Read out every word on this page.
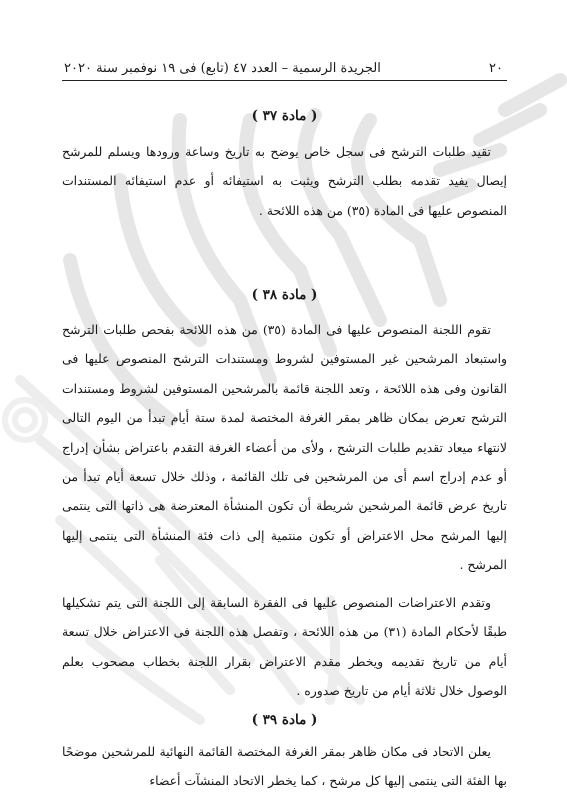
٢٠
الجريدة الرسمية – العدد ٤٧ (تابع) فى ١٩ نوفمبر سنة ٢٠٢٠
( مادة ٣٧ )

تقيد طلبات الترشح فى سجل خاص يوضح به تاريخ وساعة ورودها ويسلم للمرشح إيصال يفيد تقدمه بطلب الترشح ويثبت به استيفائه أو عدم استيفائه المستندات المنصوص عليها فى المادة (٣٥) من هذه اللائحة .

( مادة ٣٨ )

تقوم اللجنة المنصوص عليها فى المادة (٣٥) من هذه اللائحة بفحص طلبات الترشح واستبعاد المرشحين غير المستوفين لشروط ومستندات الترشح المنصوص عليها فى القانون وفى هذه اللائحة ، وتعد اللجنة قائمة بالمرشحين المستوفين لشروط ومستندات الترشح تعرض بمكان ظاهر بمقر الغرفة المختصة لمدة ستة أيام تبدأ من اليوم التالى لانتهاء ميعاد تقديم طلبات الترشح ، ولأى من أعضاء الغرفة التقدم باعتراض بشأن إدراج أو عدم إدراج اسم أى من المرشحين فى تلك القائمة ، وذلك خلال تسعة أيام تبدأ من تاريخ عرض قائمة المرشحين شريطة أن تكون المنشأة المعترضة هى ذاتها التى ينتمى إليها المرشح محل الاعتراض أو تكون منتمية إلى ذات فئة المنشأة التى ينتمى إليها المرشح .

وتقدم الاعتراضات المنصوص عليها فى الفقرة السابقة إلى اللجنة التى يتم تشكيلها طبقًا لأحكام المادة (٣١) من هذه اللائحة ، وتفصل هذه اللجنة فى الاعتراض خلال تسعة أيام من تاريخ تقديمه ويخطر مقدم الاعتراض بقرار اللجنة بخطاب مصحوب بعلم الوصول خلال ثلاثة أيام من تاريخ صدوره .

( مادة ٣٩ )

يعلن الاتحاد فى مكان ظاهر بمقر الغرفة المختصة القائمة النهائية للمرشحين موضحًا بها الفئة التى ينتمى إليها كل مرشح ، كما يخطر الاتحاد المنشآت أعضاء
